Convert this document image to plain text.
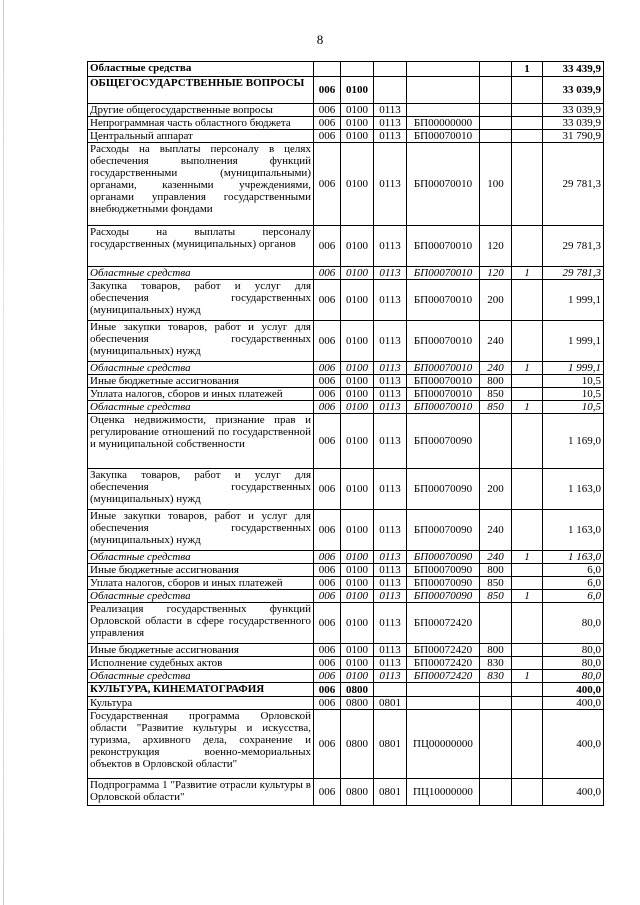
8
Областные средства						1	33 439,9
ОБЩЕГОСУДАРСТВЕННЫЕ ВОПРОСЫ	006	0100					33 039,9
Другие общегосударственные вопросы	006	0100	0113				33 039,9
Непрограммная часть областного бюджета	006	0100	0113	БП00000000			33 039,9
Центральный аппарат	006	0100	0113	БП00070010			31 790,9
Расходы на выплаты персоналу в целях обеспечения выполнения функций государственными (муниципальными) органами, казенными учреждениями, органами управления государственными внебюджетными фондами	006	0100	0113	БП00070010	100		29 781,3
Расходы на выплаты персоналу государственных (муниципальных) органов	006	0100	0113	БП00070010	120		29 781,3
Областные средства	006	0100	0113	БП00070010	120	1	29 781,3
Закупка товаров, работ и услуг для обеспечения государственных (муниципальных) нужд	006	0100	0113	БП00070010	200		1 999,1
Иные закупки товаров, работ и услуг для обеспечения государственных (муниципальных) нужд	006	0100	0113	БП00070010	240		1 999,1
Областные средства	006	0100	0113	БП00070010	240	1	1 999,1
Иные бюджетные ассигнования	006	0100	0113	БП00070010	800		10,5
Уплата налогов, сборов и иных платежей	006	0100	0113	БП00070010	850		10,5
Областные средства	006	0100	0113	БП00070010	850	1	10,5
Оценка недвижимости, признание прав и регулирование отношений по государственной и муниципальной собственности	006	0100	0113	БП00070090			1 169,0
Закупка товаров, работ и услуг для обеспечения государственных (муниципальных) нужд	006	0100	0113	БП00070090	200		1 163,0
Иные закупки товаров, работ и услуг для обеспечения государственных (муниципальных) нужд	006	0100	0113	БП00070090	240		1 163,0
Областные средства	006	0100	0113	БП00070090	240	1	1 163,0
Иные бюджетные ассигнования	006	0100	0113	БП00070090	800		6,0
Уплата налогов, сборов и иных платежей	006	0100	0113	БП00070090	850		6,0
Областные средства	006	0100	0113	БП00070090	850	1	6,0
Реализация государственных функций Орловской области в сфере государственного управления	006	0100	0113	БП00072420			80,0
Иные бюджетные ассигнования	006	0100	0113	БП00072420	800		80,0
Исполнение судебных актов	006	0100	0113	БП00072420	830		80,0
Областные средства	006	0100	0113	БП00072420	830	1	80,0
КУЛЬТУРА, КИНЕМАТОГРАФИЯ	006	0800					400,0
Культура	006	0800	0801				400,0
Государственная программа Орловской области "Развитие культуры и искусства, туризма, архивного дела, сохранение и реконструкция военно-мемориальных объектов в Орловской области"	006	0800	0801	ПЦ00000000			400,0
Подпрограмма 1 "Развитие отрасли культуры в Орловской области"	006	0800	0801	ПЦ10000000			400,0
